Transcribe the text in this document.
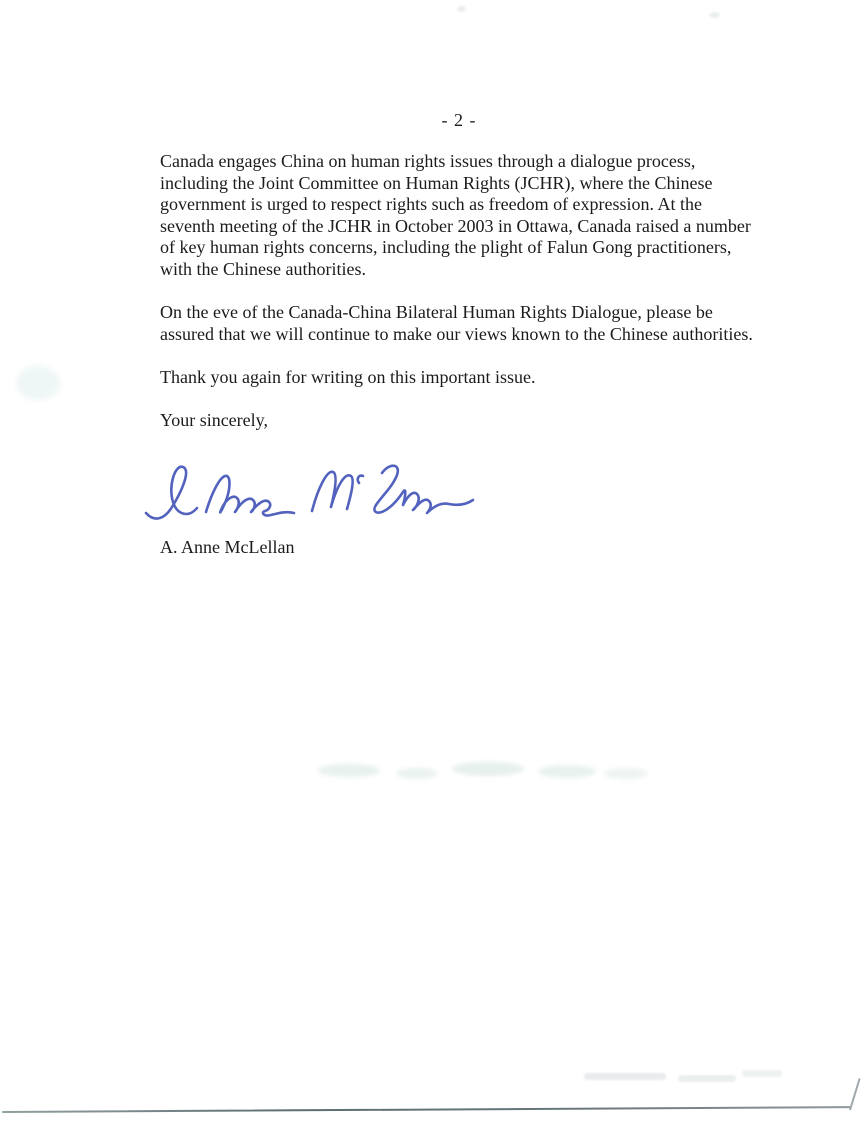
- 2 -

Canada engages China on human rights issues through a dialogue process, including the Joint Committee on Human Rights (JCHR), where the Chinese government is urged to respect rights such as freedom of expression. At the seventh meeting of the JCHR in October 2003 in Ottawa, Canada raised a number of key human rights concerns, including the plight of Falun Gong practitioners, with the Chinese authorities.

On the eve of the Canada-China Bilateral Human Rights Dialogue, please be assured that we will continue to make our views known to the Chinese authorities.

Thank you again for writing on this important issue.

Your sincerely,

A. Anne McLellan
